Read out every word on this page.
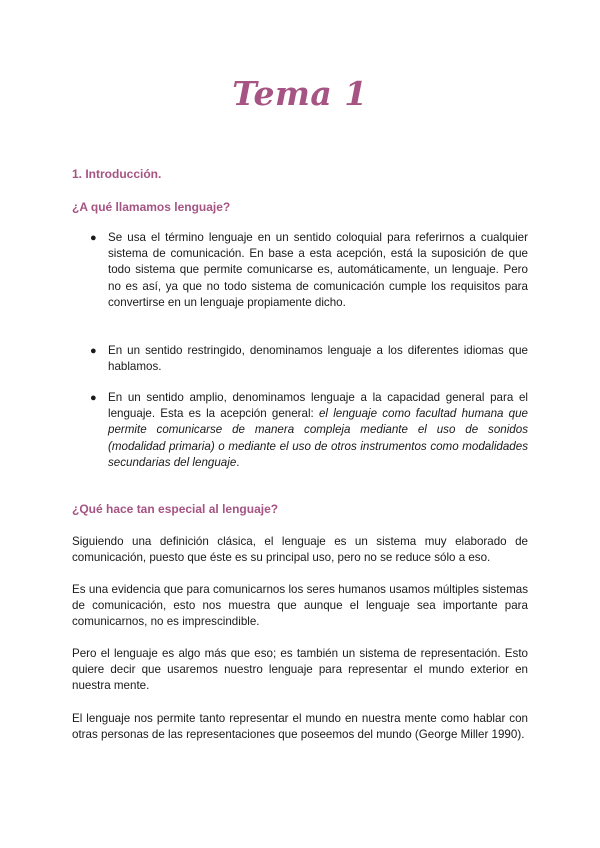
Tema 1
1. Introducción.
¿A qué llamamos lenguaje?
● Se usa el término lenguaje en un sentido coloquial para referirnos a cualquier sistema de comunicación. En base a esta acepción, está la suposición de que todo sistema que permite comunicarse es, automáticamente, un lenguaje. Pero no es así, ya que no todo sistema de comunicación cumple los requisitos para convertirse en un lenguaje propiamente dicho.
● En un sentido restringido, denominamos lenguaje a los diferentes idiomas que hablamos.
● En un sentido amplio, denominamos lenguaje a la capacidad general para el lenguaje. Esta es la acepción general: el lenguaje como facultad humana que permite comunicarse de manera compleja mediante el uso de sonidos (modalidad primaria) o mediante el uso de otros instrumentos como modalidades secundarias del lenguaje.
¿Qué hace tan especial al lenguaje?

Siguiendo una definición clásica, el lenguaje es un sistema muy elaborado de comunicación, puesto que éste es su principal uso, pero no se reduce sólo a eso.

Es una evidencia que para comunicarnos los seres humanos usamos múltiples sistemas de comunicación, esto nos muestra que aunque el lenguaje sea importante para comunicarnos, no es imprescindible.

Pero el lenguaje es algo más que eso; es también un sistema de representación. Esto quiere decir que usaremos nuestro lenguaje para representar el mundo exterior en nuestra mente.

El lenguaje nos permite tanto representar el mundo en nuestra mente como hablar con otras personas de las representaciones que poseemos del mundo (George Miller 1990).
